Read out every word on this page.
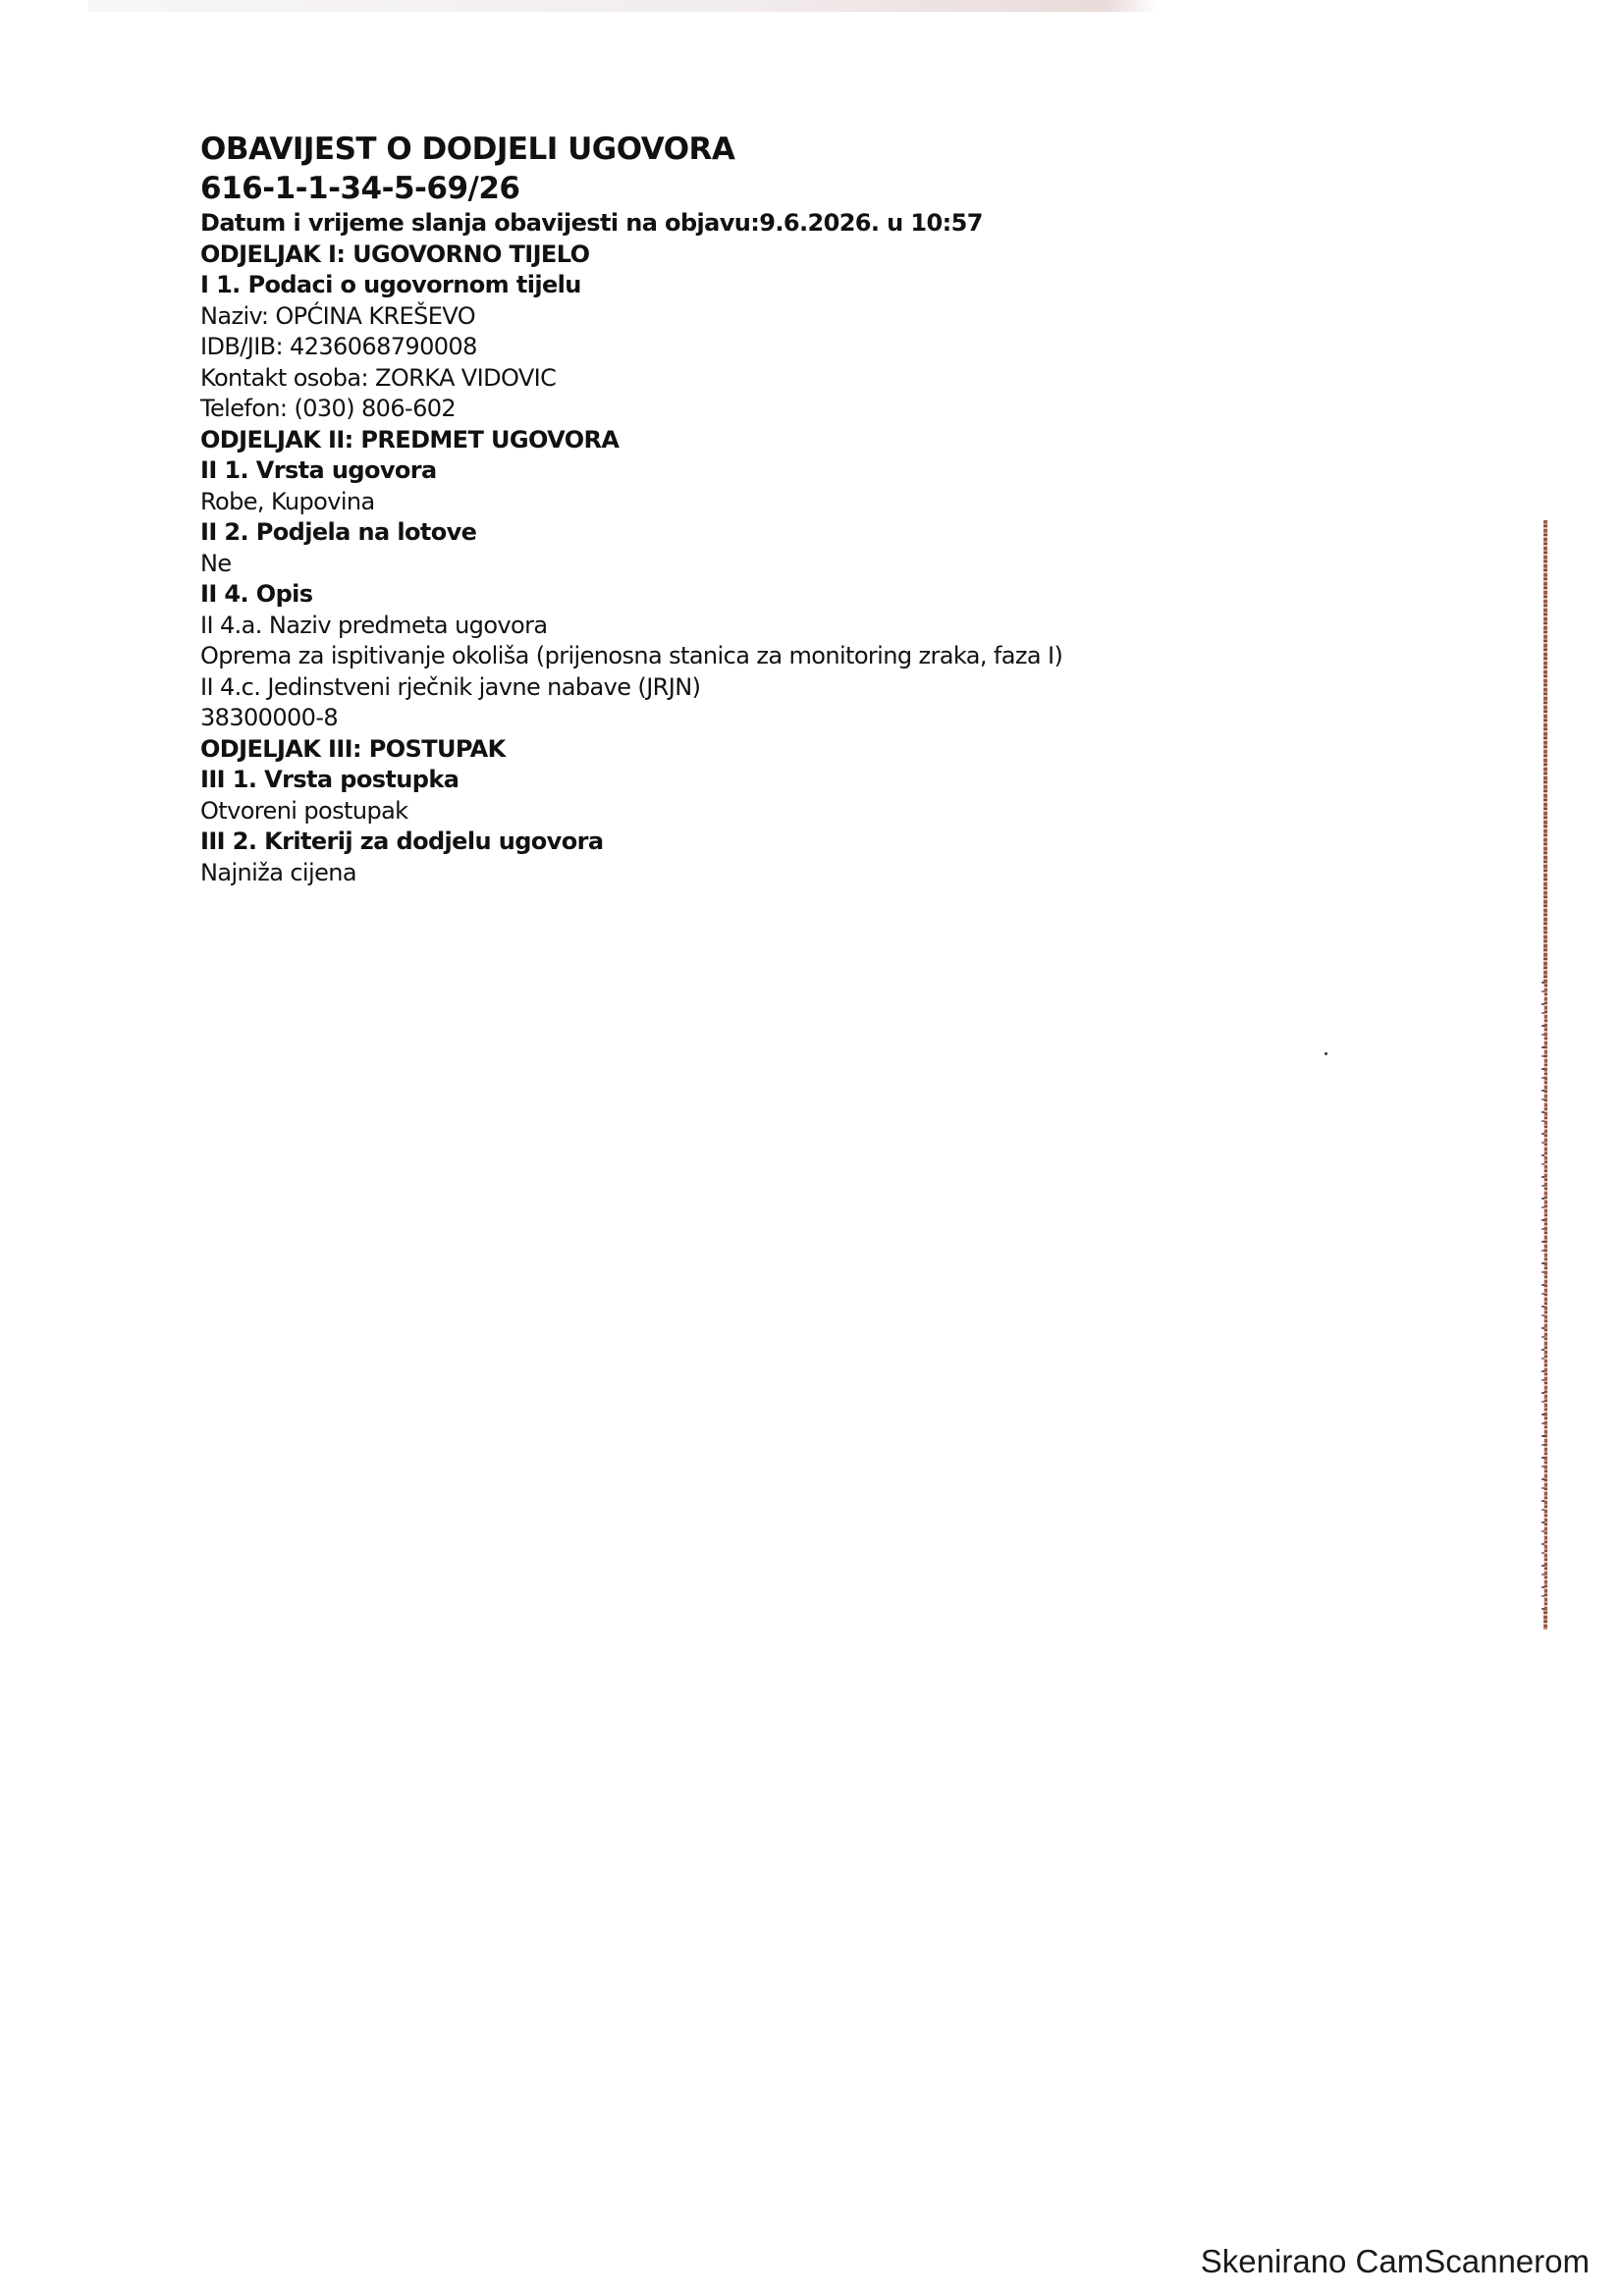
OBAVIJEST O DODJELI UGOVORA

616-1-1-34-5-69/26

Datum i vrijeme slanja obavijesti na objavu:9.6.2026. u 10:57

ODJELJAK I: UGOVORNO TIJELO

I 1. Podaci o ugovornom tijelu

Naziv: OPĆINA KREŠEVO

IDB/JIB: 4236068790008

Kontakt osoba: ZORKA VIDOVIC

Telefon: (030) 806-602

ODJELJAK II: PREDMET UGOVORA

II 1. Vrsta ugovora

Robe, Kupovina

II 2. Podjela na lotove

Ne

II 4. Opis

II 4.a. Naziv predmeta ugovora

Oprema za ispitivanje okoliša (prijenosna stanica za monitoring zraka, faza I)

II 4.c. Jedinstveni rječnik javne nabave (JRJN)

38300000-8

ODJELJAK III: POSTUPAK

III 1. Vrsta postupka

Otvoreni postupak

III 2. Kriterij za dodjelu ugovora

Najniža cijena

Skenirano CamScannerom
